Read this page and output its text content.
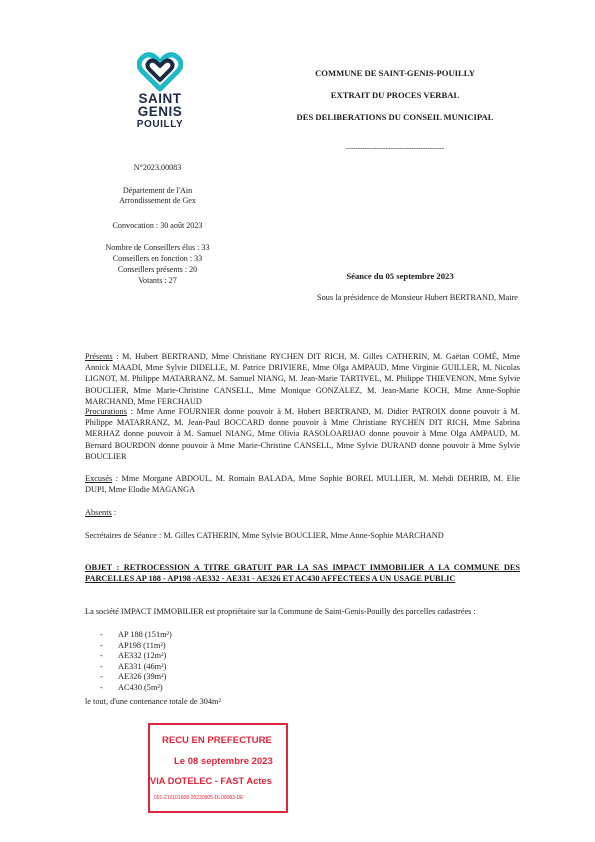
SAINT
GENIS
POUILLY
COMMUNE DE SAINT-GENIS-POUILLY
EXTRAIT DU PROCES VERBAL
DES DELIBERATIONS DU CONSEIL MUNICIPAL
------------------------------------------
N°2023.00083
Département de l'Ain
Arrondissement de Gex
Convocation : 30 août 2023
Nombre de Conseillers élus : 33
Conseillers en fonction : 33
Conseillers présents : 20
Votants : 27	Séance du 05 septembre 2023
Sous la présidence de Monsieur Hubert BERTRAND, Maire
Présents : M. Hubert BERTRAND, Mme Christiane RYCHEN DIT RICH, M. Gilles CATHERIN, M. Gaëtan COMÉ, Mme Annick MAADI, Mme Sylvie DIDELLE, M. Patrice DRIVIERE, Mme Olga AMPAUD, Mme Virginie GUILLER, M. Nicolas LIGNOT, M. Philippe MATARRANZ, M. Samuel NIANG, M. Jean-Marie TARTIVEL, M. Philippe THIEVENON, Mme Sylvie BOUCLIER, Mme Marie-Christine CANSELL, Mme Monique GONZALEZ, M. Jean-Marie KOCH, Mme Anne-Sophie MARCHAND, Mme FERCHAUD
Procurations : Mme Anne FOURNIER donne pouvoir à M. Hubert BERTRAND, M. Didier PATROIX donne pouvoir à M. Philippe MATARRANZ, M. Jean-Paul BOCCARD donne pouvoir à Mme Christiane RYCHEN DIT RICH, Mme Sabrina MERHAZ donne pouvoir à M. Samuel NIANG, Mme Olivia RASOLOARIJAO donne pouvoir à Mme Olga AMPAUD, M. Bernard BOURDON donne pouvoir à Mme Marie-Christine CANSELL, Mme Sylvie DURAND donne pouvoir à Mme Sylvie BOUCLIER
Excusés : Mme Morgane ABDOUL, M. Romain BALADA, Mme Sophie BOREL MULLIER, M. Mehdi DEHRIB, M. Elie DUPI, Mme Elodie MAGANGA
Absents :
Secrétaires de Séance : M. Gilles CATHERIN, Mme Sylvie BOUCLIER, Mme Anne-Sophie MARCHAND
OBJET : RETROCESSION A TITRE GRATUIT PAR LA SAS IMPACT IMMOBILIER A LA COMMUNE DES PARCELLES AP 188 - AP198 -AE332 - AE331 - AE326 ET AC430 AFFECTEES A UN USAGE PUBLIC
La société IMPACT IMMOBILIER est propriétaire sur la Commune de Saint-Genis-Pouilly des parcelles cadastrées :
- AP 188 (151m²)
- AP198 (11m²)
- AE332 (12m²)
- AE331 (46m²)
- AE326 (39m²)
- AC430 (5m²)
le tout, d'une contenance totale de 304m²
RECU EN PREFECTURE
Le 08 septembre 2023
VIA DOTELEC - FAST Actes
001-210101608-20230905-DL00083-DE
